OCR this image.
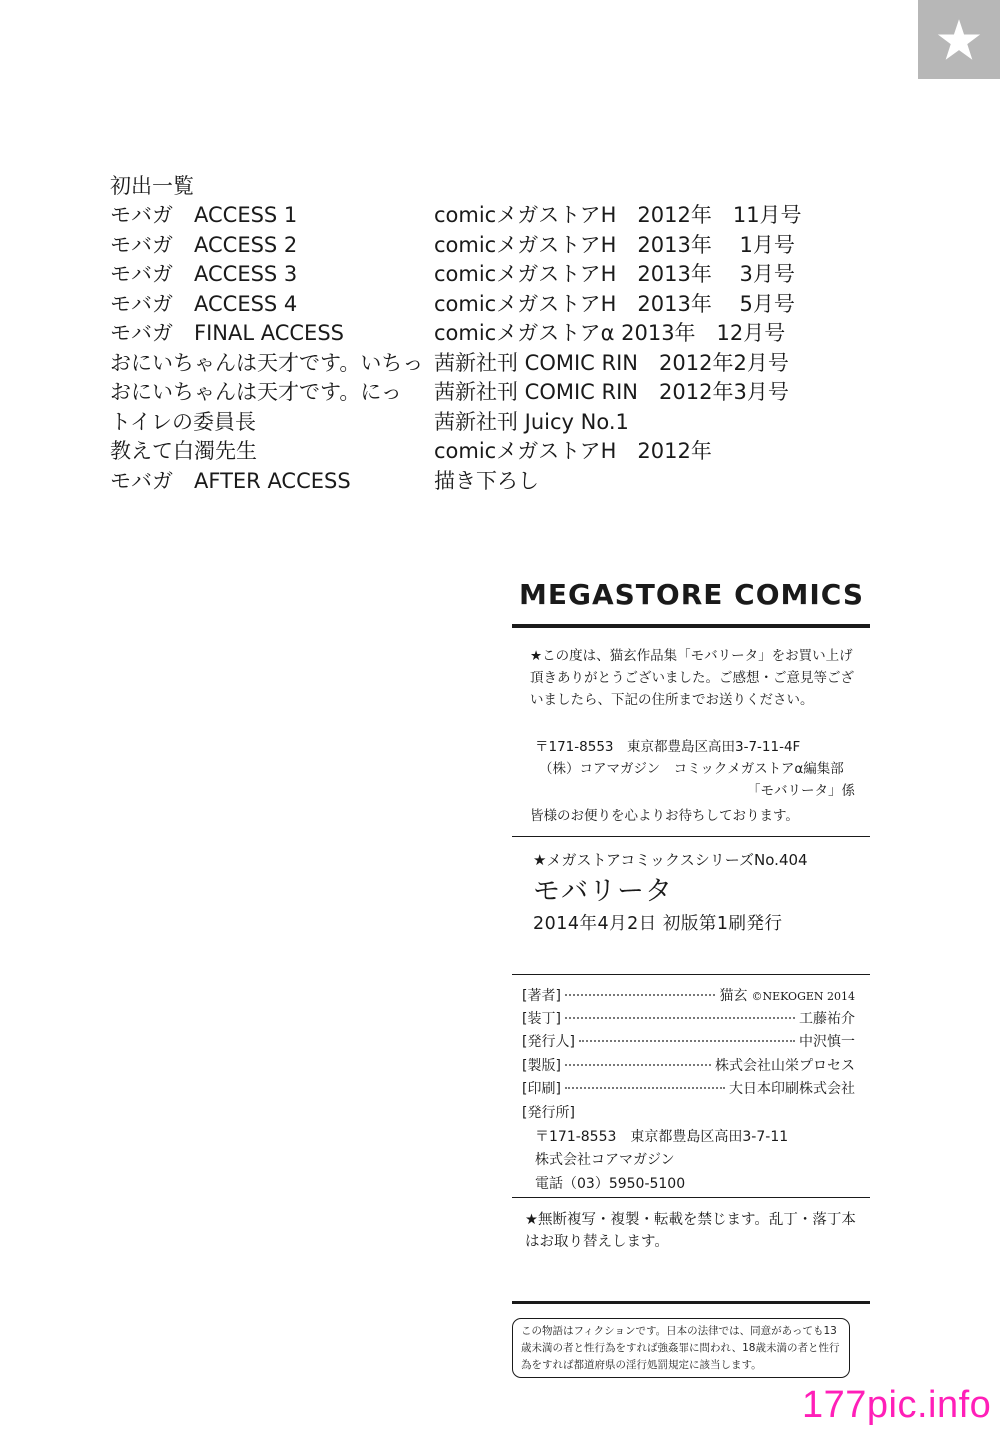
初出一覧
モバガ　ACCESS 1	comicメガストアH　2012年　11月号
モバガ　ACCESS 2	comicメガストアH　2013年　 1月号
モバガ　ACCESS 3	comicメガストアH　2013年　 3月号
モバガ　ACCESS 4	comicメガストアH　2013年　 5月号
モバガ　FINAL ACCESS	comicメガストアα 2013年　12月号
おにいちゃんは天才です。いちっ 茜新社刊 COMIC RIN　2012年2月号
おにいちゃんは天才です。にっ 茜新社刊 COMIC RIN　2012年3月号
トイレの委員長	茜新社刊 Juicy No.1
教えて白濁先生	comicメガストアH　2012年
モバガ　AFTER ACCESS	描き下ろし
MEGASTORE COMICS
★この度は、猫玄作品集「モバリータ」をお買い上げ頂きありがとうございました。ご感想・ご意見等ございましたら、下記の住所までお送りください。
〒171-8553　東京都豊島区高田3-7-11-4F
（株）コアマガジン　コミックメガストアα編集部
「モバリータ」係
皆様のお便りを心よりお待ちしております。
★メガストアコミックスシリーズNo.404
モバリータ
2014年4月2日 初版第1刷発行
[著者]	猫玄 ©NEKOGEN 2014
[装丁]	工藤祐介
[発行人]	中沢慎一
[製版]	株式会社山栄プロセス
[印刷]	大日本印刷株式会社
[発行所]
〒171-8553　東京都豊島区高田3-7-11
株式会社コアマガジン
電話（03）5950-5100
★無断複写・複製・転載を禁じます。乱丁・落丁本はお取り替えします。
この物語はフィクションです。日本の法律では、同意があっても13歳未満の者と性行為をすれば強姦罪に問われ、18歳未満の者と性行為をすれば都道府県の淫行処罰規定に該当します。
177pic.info
